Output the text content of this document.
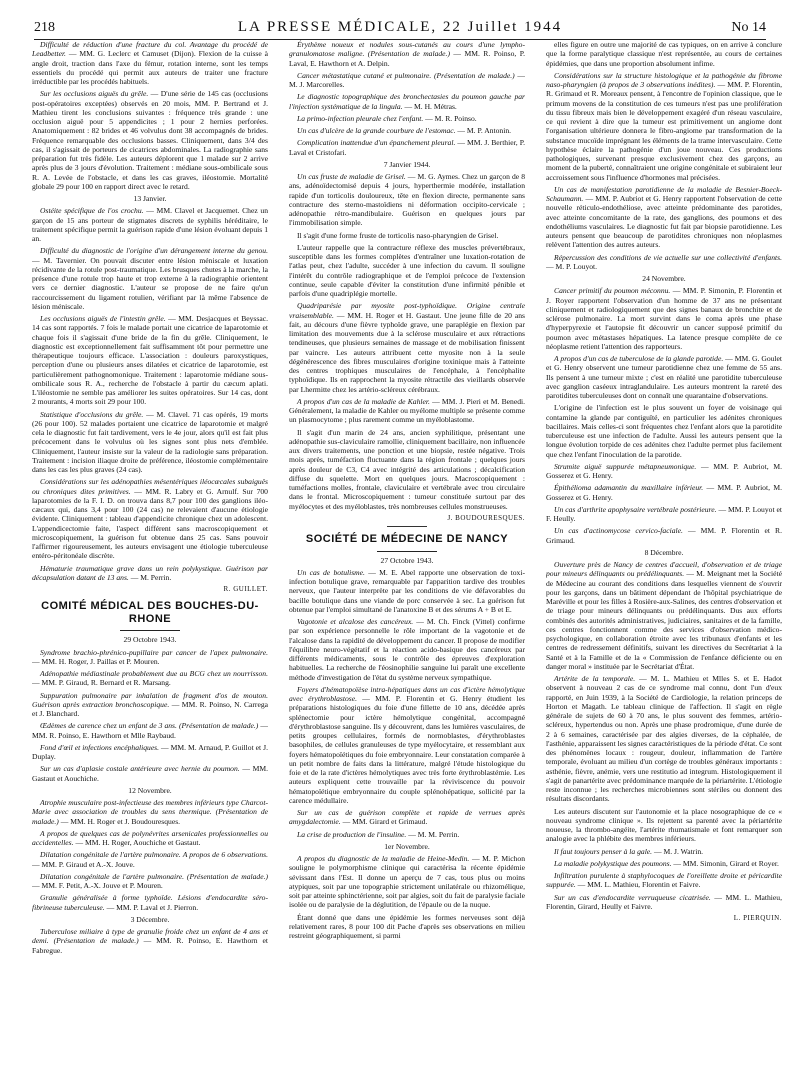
218	LA PRESSE MÉDICALE, 22 Juillet 1944	No 14

Difficulté de réduction d'une fracture du col. Avantage du procédé de Leadbetter. — MM. G. Leclerc et Camuset (Dijon). Flexion de la cuisse à angle droit, traction dans l'axe du fémur, rotation interne, sont les temps essentiels du procédé qui permit aux auteurs de traiter une fracture irréductible par les procédés habituels.

Sur les occlusions aiguës du grêle. — D'une série de 145 cas (occlusions post-opératoires exceptées) observés en 20 mois, MM. P. Bertrand et J. Mathieu tirent les conclusions suivantes : fréquence très grande : une occlusion aiguë pour 5 appendicites ; 1 pour 2 hernies perforées. Anatomiquement : 82 brides et 46 volvulus dont 38 accompagnés de brides. Fréquence remarquable des occlusions basses. Cliniquement, dans 3/4 des cas, il s'agissait de porteurs de cicatrices abdominales. La radiographie sans préparation fut très fidèle. Les auteurs déplorent que 1 malade sur 2 arrive après plus de 3 jours d'évolution. Traitement : médiane sous-ombilicale sous R. A. Levée de l'obstacle, et dans les cas graves, iléostomie. Mortalité globale 29 pour 100 en rapport direct avec le retard.

13 Janvier.

Ostéite spécifique de l'os crochu. — MM. Clavel et Jacquemet. Chez un garçon de 15 ans porteur de stigmates discrets de syphilis héréditaire, le traitement spécifique permit la guérison rapide d'une lésion évoluant depuis 1 an.

Difficulté du diagnostic de l'origine d'un dérangement interne du genou. — M. Tavernier. On pouvait discuter entre lésion méniscale et luxation récidivante de la rotule post-traumatique. Les brusques chutes à la marche, la présence d'une rotule trop haute et trop externe à la radiographie orientent vers ce dernier diagnostic. L'auteur se propose de ne faire qu'un raccourcissement du ligament rotulien, vérifiant par là même l'absence de lésion méniscale.

Les occlusions aiguës de l'intestin grêle. — MM. Desjacques et Beyssac. 14 cas sont rapportés. 7 fois le malade portait une cicatrice de laparotomie et chaque fois il s'agissait d'une bride de la fin du grêle. Cliniquement, le diagnostic est exceptionnellement fait suffisamment tôt pour permettre une thérapeutique toujours efficace. L'association : douleurs paroxystiques, perception d'une ou plusieurs anses dilatées et cicatrice de laparotomie, est particulièrement pathognomonique. Traitement : laparotomie médiane sous-ombilicale sous R. A., recherche de l'obstacle à partir du cæcum aplati. L'iléostomie ne semble pas améliorer les suites opératoires. Sur 14 cas, dont 2 mourants, 4 morts soit 29 pour 100.

Statistique d'occlusions du grêle. — M. Clavel. 71 cas opérés, 19 morts (26 pour 100). 52 malades portaient une cicatrice de laparotomie et malgré cela le diagnostic fut fait tardivement, vers le 4e jour, alors qu'il est fait plus précocement dans le volvulus où les signes sont plus nets d'emblée. Cliniquement, l'auteur insiste sur la valeur de la radiologie sans préparation. Traitement : incision iliaque droite de préférence, iléostomie complémentaire dans les cas les plus graves (24 cas).

Considérations sur les adénopathies mésentériques iléocæcales subaiguës ou chroniques dites primitives. — MM. R. Labry et G. Arnulf. Sur 700 laparotomies de la F. I. D. on trouva dans 8,7 pour 100 des ganglions iléo-cæcaux qui, dans 3,4 pour 100 (24 cas) ne relevaient d'aucune étiologie évidente. Cliniquement : tableau d'appendicite chronique chez un adolescent. L'appendicectomie faite, l'aspect différent sans macroscopiquement et microscopiquement, la guérison fut obtenue dans 25 cas. Sans pouvoir l'affirmer rigoureusement, les auteurs envisagent une étiologie tuberculeuse entéro-péritonéale discrète.

Hématurie traumatique grave dans un rein polykystique. Guérison par décapsulation datant de 13 ans. — M. Perrin.

R. GUILLET.
COMITÉ MÉDICAL DES BOUCHES-DU-RHONE
29 Octobre 1943.

Syndrome brachio-phrénico-pupillaire par cancer de l'apex pulmonaire. — MM. H. Roger, J. Paillas et P. Mouren.

Adénopathie médiastinale probablement due au BCG chez un nourrisson. — MM. P. Giraud, R. Bernard et R. Marsang.

Suppuration pulmonaire par inhalation de fragment d'os de mouton. Guérison après extraction bronchoscopique. — MM. R. Poinso, N. Carrega et J. Blanchard.

Œdèmes de carence chez un enfant de 3 ans. (Présentation de malade.) — MM. R. Poinso, E. Hawthorn et Mlle Raybaud.

Fond d'œil et infections encéphaliques. — MM. M. Arnaud, P. Guillot et J. Duplay.

Sur un cas d'aplasie costale antérieure avec hernie du poumon. — MM. Gastaut et Aouchiche.

12 Novembre.

Atrophie musculaire post-infectieuse des membres inférieurs type Charcot-Marie avec association de troubles du sens thermique. (Présentation de malade.) — MM. H. Roger et J. Boudouresques.

A propos de quelques cas de polynévrites arsenicales professionnelles ou accidentelles. — MM. H. Roger, Aouchiche et Gastaut.

Dilatation congénitale de l'artère pulmonaire. A propos de 6 observations. — MM. P. Giraud et A.-X. Jouve.

Dilatation congénitale de l'artère pulmonaire. (Présentation de malade.) — MM. F. Petit, A.-X. Jouve et P. Mouren.

Granulie généralisée à forme typhoïde. Lésions d'endocardite séro-fibrineuse tuberculeuse. — MM. P. Laval et J. Pierron.

3 Décembre.

Tuberculose miliaire à type de granulie froide chez un enfant de 4 ans et demi. (Présentation de malade.) — MM. R. Poinso, E. Hawthorn et Fabregue.

Érythème noueux et nodules sous-cutanés au cours d'une lympho-granulomatose maligne. (Présentation de malade.) — MM. R. Poinso, P. Laval, E. Hawthorn et A. Delpin.

Cancer métastatique cutané et pulmonaire. (Présentation de malade.) — M. J. Marcorelles.

Le diagnostic topographique des bronchectasies du poumon gauche par l'injection systématique de la lingula. — M. H. Métras.

La primo-infection pleurale chez l'enfant. — M. R. Poinso.

Un cas d'ulcère de la grande courbure de l'estomac. — M. P. Antonin.

Complication inattendue d'un épanchement pleural. — MM. J. Berthier, P. Laval et Cristofari.

7 Janvier 1944.

Un cas fruste de maladie de Grisel. — M. G. Aymes. Chez un garçon de 8 ans, adénoïdectomisé depuis 4 jours, hyperthermie modérée, installation rapide d'un torticolis douloureux, tête en flexion directe, permanente sans contracture des sterno-mastoïdiens ni déformation occipito-cervicale ; adénopathie rétro-mandibulaire. Guérison en quelques jours par l'immobilisation simple.

Il s'agit d'une forme fruste de torticolis naso-pharyngien de Grisel.

L'auteur rappelle que la contracture réflexe des muscles prévertébraux, susceptible dans les formes complètes d'entraîner une luxation-rotation de l'atlas peut, chez l'adulte, succéder à une infection du cavum. Il souligne l'intérêt du contrôle radiographique et de l'emploi précoce de l'extension continue, seule capable d'éviter la constitution d'une infirmité pénible et parfois d'une quadriplégie mortelle.

Quadriparésie par myosite post-typhoïdique. Origine centrale vraisemblable. — MM. H. Roger et H. Gastaut. Une jeune fille de 20 ans fait, au décours d'une fièvre typhoïde grave, une paraplégie en flexion par limitation des mouvements due à la sclérose musculaire et aux rétractions tendineuses, que plusieurs semaines de massage et de mobilisation finissent par vaincre. Les auteurs attribuent cette myosite non à la seule dégénérescence des fibres musculaires d'origine toxinique mais à l'atteinte des centres trophiques musculaires de l'encéphale, à l'encéphalite typhoïdique. Ils en rapprochent la myosite rétractile des vieillards observée par Lhermitte chez les artério-scléreux cérébraux.

A propos d'un cas de la maladie de Kahler. — MM. J. Pieri et M. Benedi. Généralement, la maladie de Kahler ou myélome multiple se présente comme un plasmocytome ; plus rarement comme un myéloblastome.

Il s'agit d'un marin de 24 ans, ancien syphilitique, présentant une adénopathie sus-claviculaire ramollie, cliniquement bacillaire, non influencée aux divers traitements, une ponction et une biopsie, restée négative. Trois mois après, tuméfaction fluctuante dans la région frontale ; quelques jours après douleur de C3, C4 avec intégrité des articulations ; décalcification diffuse du squelette. Mort en quelques jours. Macroscopiquement : tuméfactions molles, frontale, claviculaire et vertébrale avec trou circulaire dans le frontal. Microscopiquement : tumeur constituée surtout par des myélocytes et des myéloblastes, très nombreuses cellules monstrueuses.

J. BOUDOURESQUES.
SOCIÉTÉ DE MÉDECINE DE NANCY
27 Octobre 1943.

Un cas de botulisme. — M. E. Abel rapporte une observation de toxi-infection botulique grave, remarquable par l'apparition tardive des troubles nerveux, que l'auteur interprète par les conditions de vie défavorables du bacille botulique dans une viande de porc conservée à sec. La guérison fut obtenue par l'emploi simultané de l'anatoxine B et des sérums A + B et E.

Vagotonie et alcalose des cancéreux. — M. Ch. Finck (Vittel) confirme par son expérience personnelle le rôle important de la vagotonie et de l'alcalose dans la rapidité de développement du cancer. Il propose de modifier l'équilibre neuro-végétatif et la réaction acido-basique des cancéreux par différents médicaments, sous le contrôle des épreuves d'exploration habituelles. La recherche de l'éosinophilie sanguine lui paraît une excellente méthode d'investigation de l'état du système nerveux sympathique.

Foyers d'hématopoïèse intra-hépatiques dans un cas d'ictère hémolytique avec érythroblastose. — MM. P. Florentin et G. Henry étudient les préparations histologiques du foie d'une fillette de 10 ans, décédée après splénectomie pour ictère hémolytique congénital, accompagné d'érythroblastose sanguine. Ils y découvrent, dans les lumières vasculaires, de petits groupes cellulaires, formés de normoblastes, d'érythroblastes basophiles, de cellules granuleuses de type myélocytaire, et ressemblant aux foyers hématopoïétiques du foie embryonnaire. Leur constatation comparée à un petit nombre de faits dans la littérature, malgré l'étude histologique du foie et de la rate d'ictères hémolytiques avec très forte érythroblastémie. Les auteurs expliquent cette trouvaille par la réviviscence du pouvoir hématopoïétique embryonnaire du couple splénohépatique, sollicité par la carence médullaire.

Sur un cas de guérison complète et rapide de verrues après amygdalectomie. — MM. Girard et Grimaud.

La crise de production de l'insuline. — M. M. Perrin.

1er Novembre.

A propos du diagnostic de la maladie de Heine-Medin. — M. P. Michon souligne le polymorphisme clinique qui caractérisa la récente épidémie sévissant dans l'Est. Il donne un aperçu de 7 cas, tous plus ou moins atypiques, soit par une topographie strictement unilatérale ou rhizomélique, soit par atteinte sphinctérienne, soit par algies, soit du fait de paralysie faciale isolée ou de paralysie de la déglutition, de l'épaule ou de la nuque.

Étant donné que dans une épidémie les formes nerveuses sont déjà relativement rares, 8 pour 100 dit Pache d'après ses observations en milieu restreint géographiquement, si parmi

elles figure en outre une majorité de cas typiques, on en arrive à conclure que la forme paralytique classique n'est représentée, au cours de certaines épidémies, que dans une proportion absolument infime.

Considérations sur la structure histologique et la pathogénie du fibrome naso-pharyngien (à propos de 3 observations inédites). — MM. P. Florentin, R. Grimaud et R. Moreaux pensent, à l'encontre de l'opinion classique, que le primum movens de la constitution de ces tumeurs n'est pas une prolifération du tissu fibreux mais bien le développement exagéré d'un réseau vasculaire, ce qui revient à dire que la tumeur est primitivement un angiome dont l'organisation ultérieure donnera le fibro-angiome par transformation de la substance mucoïde imprégnant les éléments de la trame intervasculaire. Cette hypothèse éclaire la pathogénie d'un joue nouveau. Ces productions pathologiques, survenant presque exclusivement chez des garçons, au moment de la puberté, connaîtraient une origine congénitale et subiraient leur accroissement sous l'influence d'hormones mal précisées.

Un cas de manifestation parotidienne de la maladie de Besnier-Boeck-Schaumann. — MM. P. Aubriot et G. Henry rapportent l'observation de cette nouvelle réticulo-endothéliose, avec atteinte prédominante des parotides, avec atteinte concomitante de la rate, des ganglions, des poumons et des endothéliums vasculaires. Le diagnostic fut fait par biopsie parotidienne. Les auteurs pensent que beaucoup de parotidites chroniques non néoplasmes relèvent l'attention des autres auteurs.

Répercussion des conditions de vie actuelle sur une collectivité d'enfants. — M. P. Louyot.

24 Novembre.

Cancer primitif du poumon méconnu. — MM. P. Simonin, P. Florentin et J. Royer rapportent l'observation d'un homme de 37 ans ne présentant cliniquement et radiologiquement que des signes banaux de bronchite et de sclérose pulmonaire. La mort survint dans le coma après une phase d'hyperpyrexie et l'autopsie fit découvrir un cancer supposé primitif du poumon avec métastases hépatiques. La latence presque complète de ce néoplasme retient l'attention des rapporteurs.

A propos d'un cas de tuberculose de la glande parotide. — MM. G. Goulet et G. Henry observent une tumeur parotidienne chez une femme de 55 ans. Ils pensent à une tumeur mixte ; c'est en réalité une parotidite tuberculeuse avec ganglion caséeux intraglandulaire. Les auteurs montrent la rareté des parotidites tuberculeuses dont on connaît une quarantaine d'observations.

L'origine de l'infection est le plus souvent un foyer de voisinage qui contamine la glande par contiguïté, en particulier les adénites chroniques bacillaires. Mais celles-ci sont fréquentes chez l'enfant alors que la parotidite tuberculeuse est une infection de l'adulte. Aussi les auteurs pensent que la longue évolution torpide de ces adénites chez l'adulte permet plus facilement que chez l'enfant l'inoculation de la parotide.

Strumite aiguë suppurée métapneumonique. — MM. P. Aubriot, M. Gosserez et G. Henry.

Épithélioma adamantin du maxillaire inférieur. — MM. P. Aubriot, M. Gosserez et G. Henry.

Un cas d'arthrite apophysaire vertébrale postérieure. — MM. P. Louyot et F. Heully.

Un cas d'actinomycose cervico-faciale. — MM. P. Florentin et R. Grimaud.

8 Décembre.

Ouverture près de Nancy de centres d'accueil, d'observation et de triage pour mineurs délinquants ou prédélinquants. — M. Meignant met la Société de Médecine au courant des conditions dans lesquelles viennent de s'ouvrir pour les garçons, dans un bâtiment dépendant de l'hôpital psychiatrique de Maréville et pour les filles à Rosière-aux-Salines, des centres d'observation et de triage pour mineurs délinquants ou prédélinquants. Dus aux efforts combinés des autorités administratives, judiciaires, sanitaires et de la famille, ces centres fonctionnent comme des services d'observation médico-psychologique, en collaboration étroite avec les tribunaux d'enfants et les centres de redressement définitifs, suivant les directives du Secrétariat à la Santé et à la Famille et de la « Commission de l'enfance déficiente ou en danger moral » instituée par le Secrétariat d'État.

Artérite de la temporale. — M. L. Mathieu et Mlles S. et E. Hadot observent à nouveau 2 cas de ce syndrome mal connu, dont l'un d'eux rapporté, en Juin 1939, à la Société de Cardiologie, la relation princeps de Horton et Magath. Le tableau clinique de l'affection. Il s'agit en règle générale de sujets de 60 à 70 ans, le plus souvent des femmes, artério-scléreux, hypertendus ou non. Après une phase prodromique, d'une durée de 2 à 6 semaines, caractérisée par des algies diverses, de la céphalée, de l'asthénie, apparaissent les signes caractéristiques de la période d'état. Ce sont des phénomènes locaux : rougeur, douleur, inflammation de l'artère temporale, évoluant au milieu d'un cortège de troubles généraux importants : asthénie, fièvre, anémie, vers une restitutio ad integrum. Histologiquement il s'agit de panartérite avec prédominance marquée de la périartérite. L'étiologie reste inconnue ; les recherches microbiennes sont stériles ou donnent des résultats discordants.

Les auteurs discutent sur l'autonomie et la place nosographique de ce « nouveau syndrome clinique ». Ils rejettent sa parenté avec la périartérite noueuse, la thrombo-angéite, l'artérite rhumatismale et font remarquer son analogie avec la phlébite des membres inférieurs.

Il faut toujours penser à la gale. — M. J. Watrin.

La maladie polykystique des poumons. — MM. Simonin, Girard et Royer.

Infiltration purulente à staphylocoques de l'oreillette droite et péricardite suppurée. — MM. L. Mathieu, Florentin et Faivre.

Sur un cas d'endocardite verruqueuse cicatrisée. — MM. L. Mathieu, Florentin, Girard, Heully et Faivre.

L. PIERQUIN.
